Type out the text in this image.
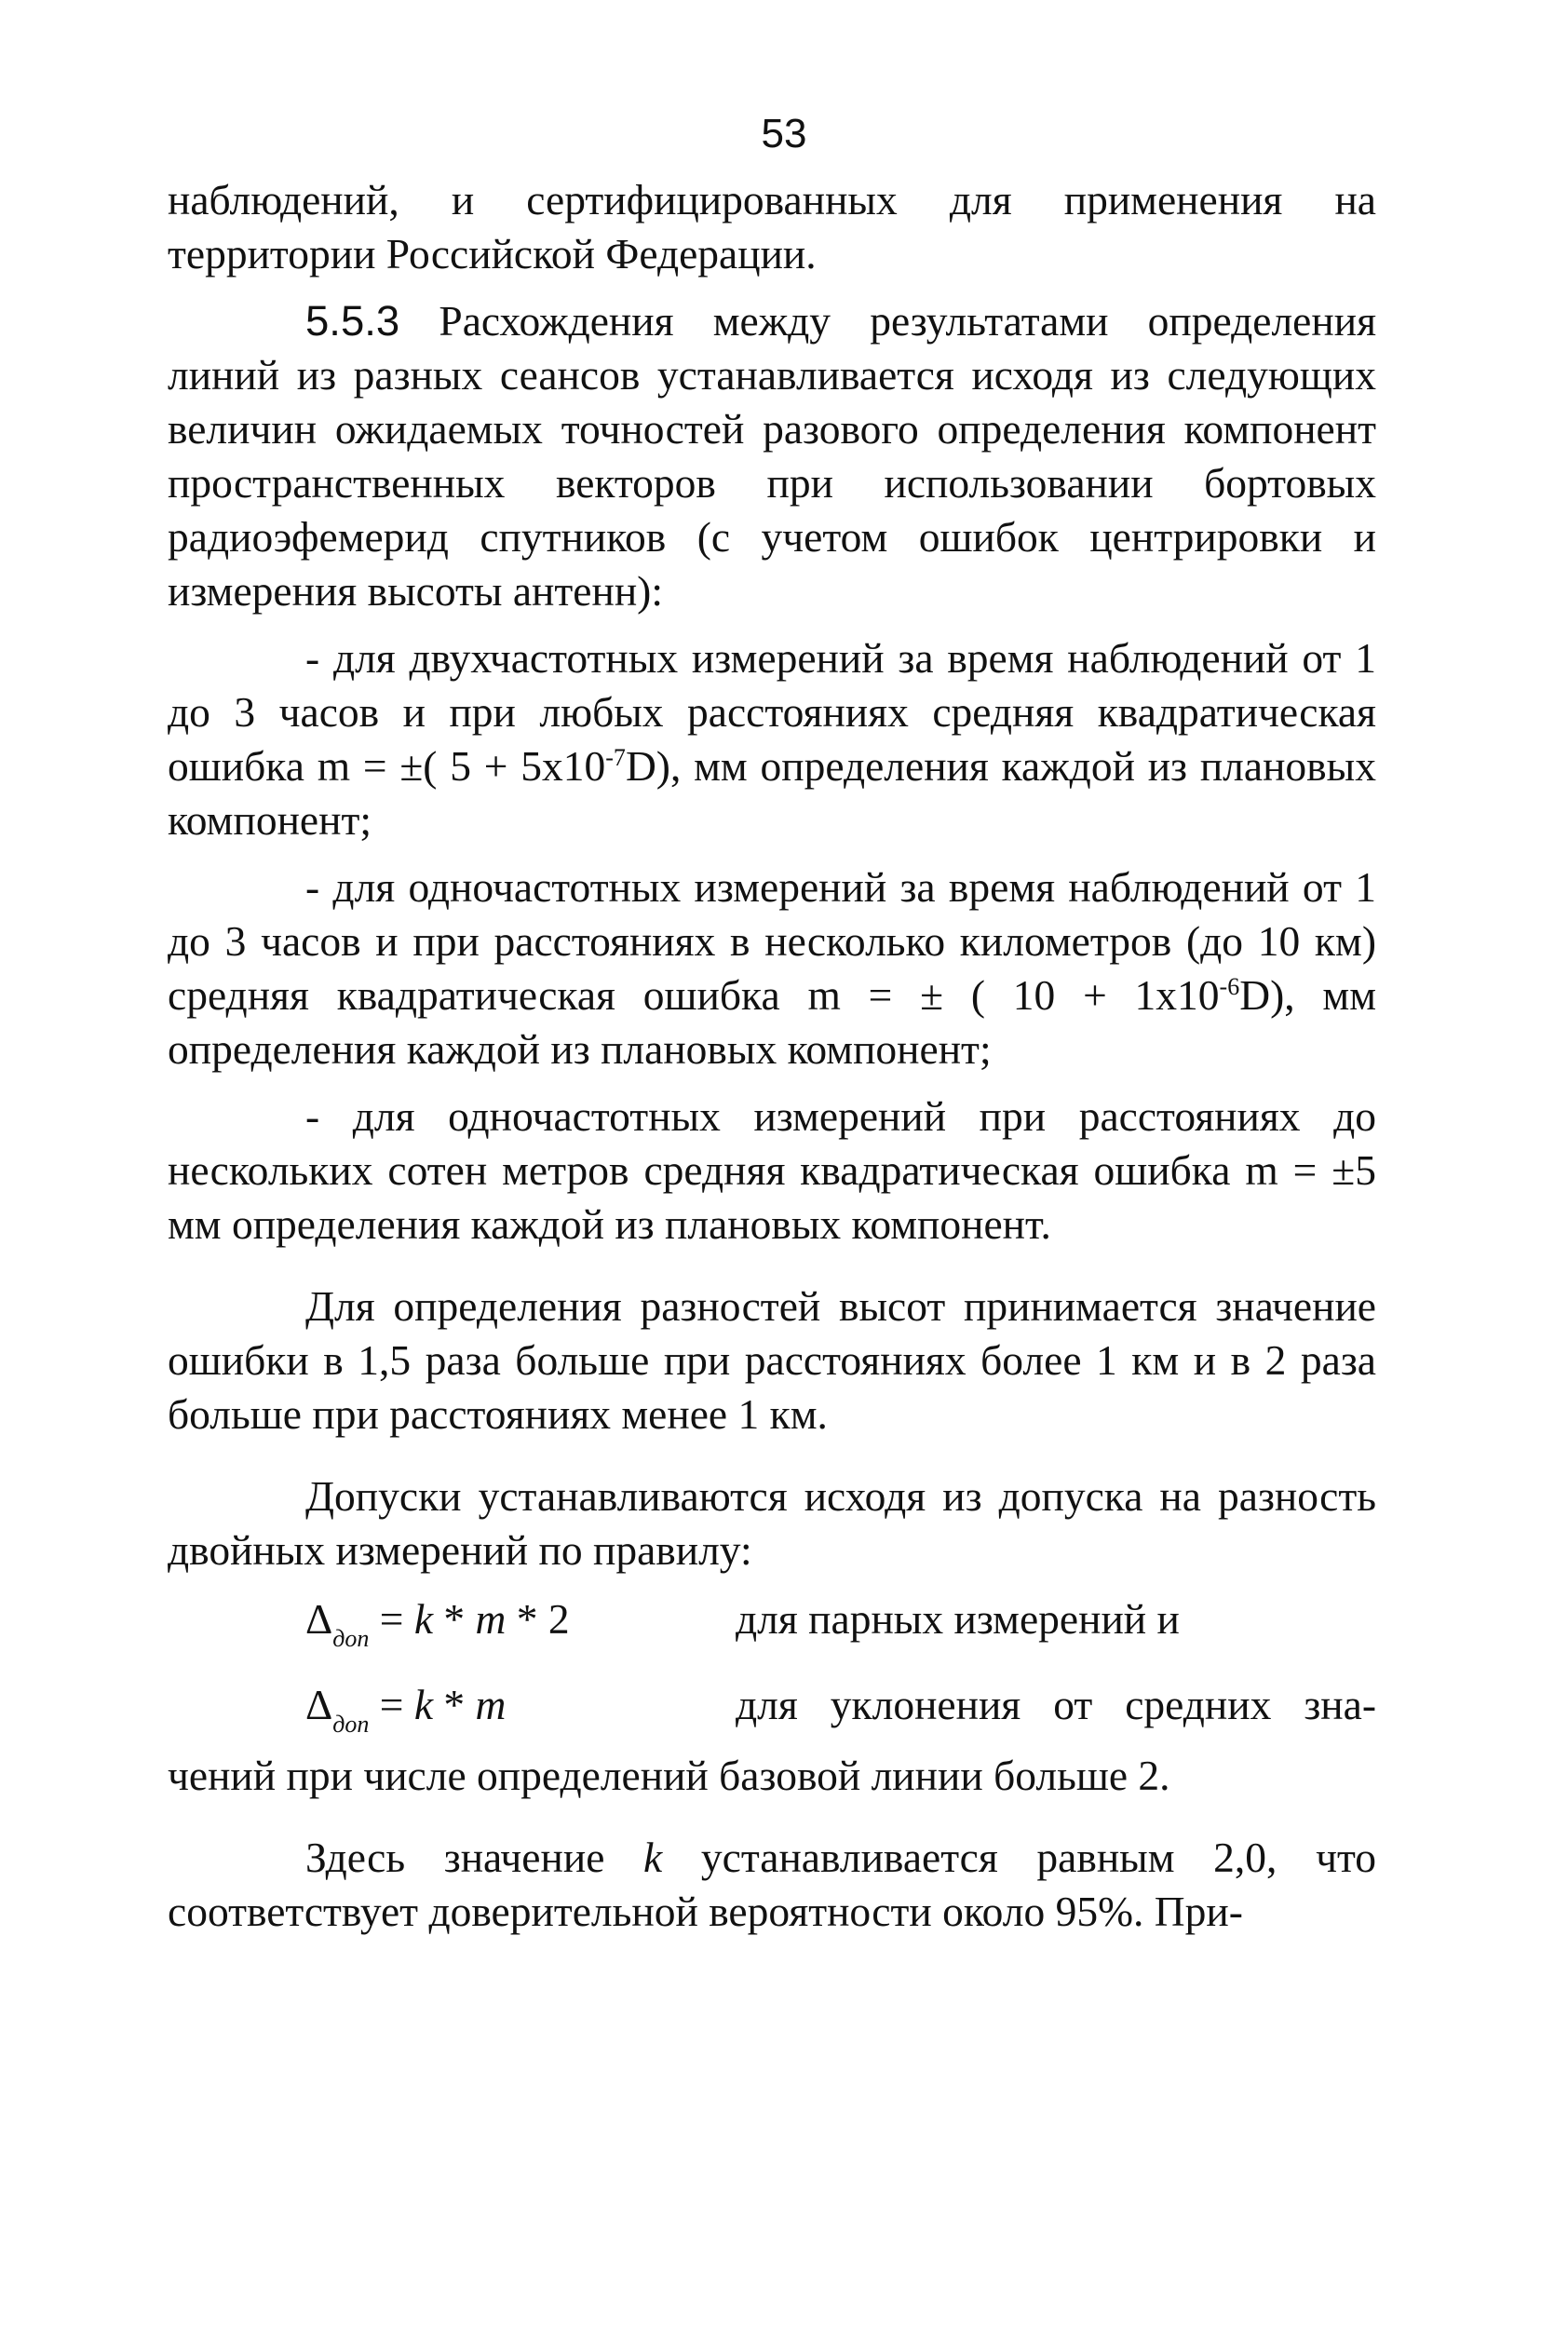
53

наблюдений, и сертифицированных для применения на территории Российской Федерации.

5.5.3 Расхождения между результатами определения линий из разных сеансов устанавливается исходя из следующих величин ожидаемых точностей разового определения компонент пространственных векторов при использовании бортовых радиоэфемерид спутников (с учетом ошибок центрировки и измерения высоты антенн):

- для двухчастотных измерений за время наблюдений от 1 до 3 часов и при любых расстояниях средняя квадратическая ошибка m = ±( $5 + 5x10^{-7}D$), мм определения каждой из плановых компонент;

- для одночастотных измерений за время наблюдений от 1 до 3 часов и при расстояниях в несколько километров (до 10 км) средняя квадратическая ошибка m = ± ( $10 + 1x10^{-6}D$), мм определения каждой из плановых компонент;

- для одночастотных измерений при расстояниях до нескольких сотен метров средняя квадратическая ошибка m = ±5 мм определения каждой из плановых компонент.

Для определения разностей высот принимается значение ошибки в 1,5 раза больше при расстояниях более 1 км и в 2 раза больше при расстояниях менее 1 км.

Допуски устанавливаются исходя из допуска на разность двойных измерений по правилу:

$\Delta_{доп} = k * m * 2$	для парных измерений и
$\Delta_{доп} = k * m$	для уклонения от средних зна-

чений при числе определений базовой линии больше 2.

Здесь значение k устанавливается равным 2,0, что соответствует доверительной вероятности около 95%. При-
